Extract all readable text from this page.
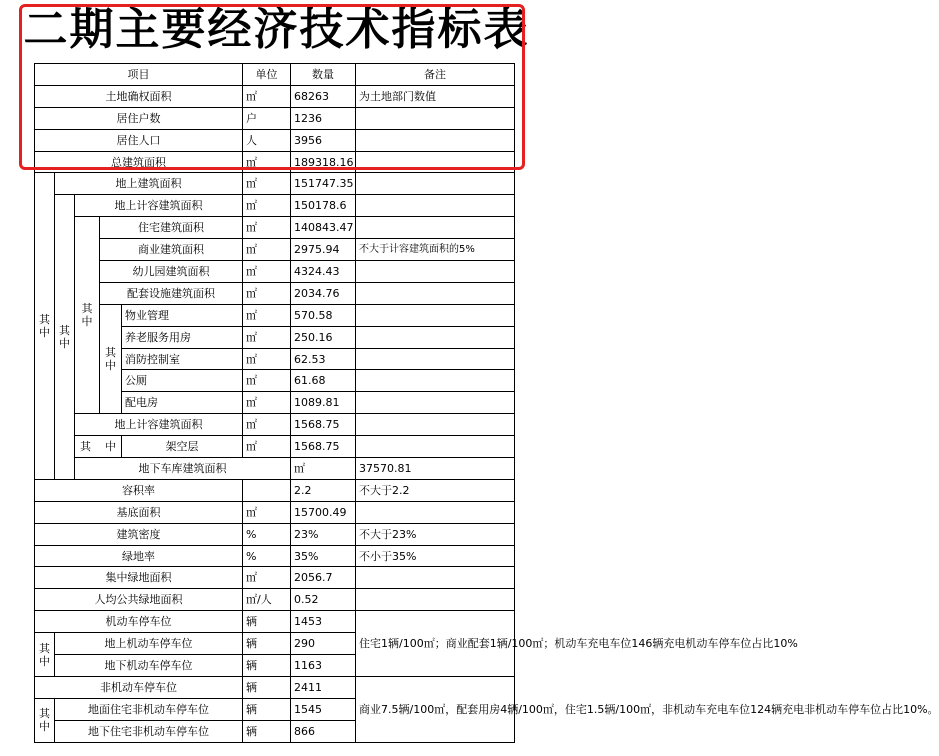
二期主要经济技术指标表
项目					单位	数量	备注	
土地确权面积					㎡	68263	为土地部门数值	
居住户数					户	1236		
居住人口					人	3956		
总建筑面积					㎡	189318.16		
其中	地上建筑面积				㎡	151747.35		
	其中	地上计容建筑面积			㎡	150178.6		
		其中	住宅建筑面积		㎡	140843.47		
			商业建筑面积		㎡	2975.94	不大于计容建筑面积的5%	
			幼儿园建筑面积		㎡	4324.43		
			配套设施建筑面积		㎡	2034.76		
			其中	物业管理	㎡	570.58		
				养老服务用房	㎡	250.16		
				消防控制室	㎡	62.53		
				公厕	㎡	61.68		
				配电房	㎡	1089.81		
		地上计容建筑面积			㎡	1568.75		
		其 中		架空层	㎡	1568.75		
		地下车库建筑面积				㎡	37570.81	
容积率						2.2	不大于2.2	
基底面积					㎡	15700.49		
建筑密度					%	23%	不大于23%	
绿地率					%	35%	不小于35%	
集中绿地面积					㎡	2056.7		
人均公共绿地面积					㎡/人	0.52		
机动车停车位					辆	1453	住宅1辆/100㎡；商业配套1辆/100㎡；机动车充电车位146辆充电机动车停车位占比10%	
其中	地上机动车停车位				辆	290		
	地下机动车停车位				辆	1163		
非机动车停车位					辆	2411	商业7.5辆/100㎡，配套用房4辆/100㎡，住宅1.5辆/100㎡，非机动车充电车位124辆充电非机动车停车位占比10%。	
其中	地面住宅非机动车停车位				辆	1545		
	地下住宅非机动车停车位				辆	866		
